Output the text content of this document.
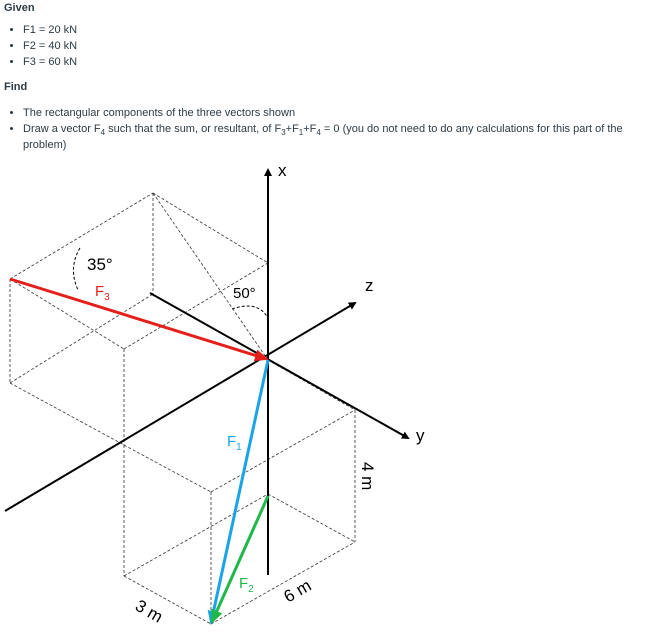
Given
• F1 = 20 kN
• F2 = 40 kN
• F3 = 60 kN
Find
• The rectangular components of the three vectors shown
• Draw a vector $F_4$ such that the sum, or resultant, of $F_3+F_1+F_4 = 0$ (you do not need to do any calculations for this part of the problem)
x
y
z
35°
50°
$F_3$
$F_1$
$F_2$
4 m
6 m
3 m
